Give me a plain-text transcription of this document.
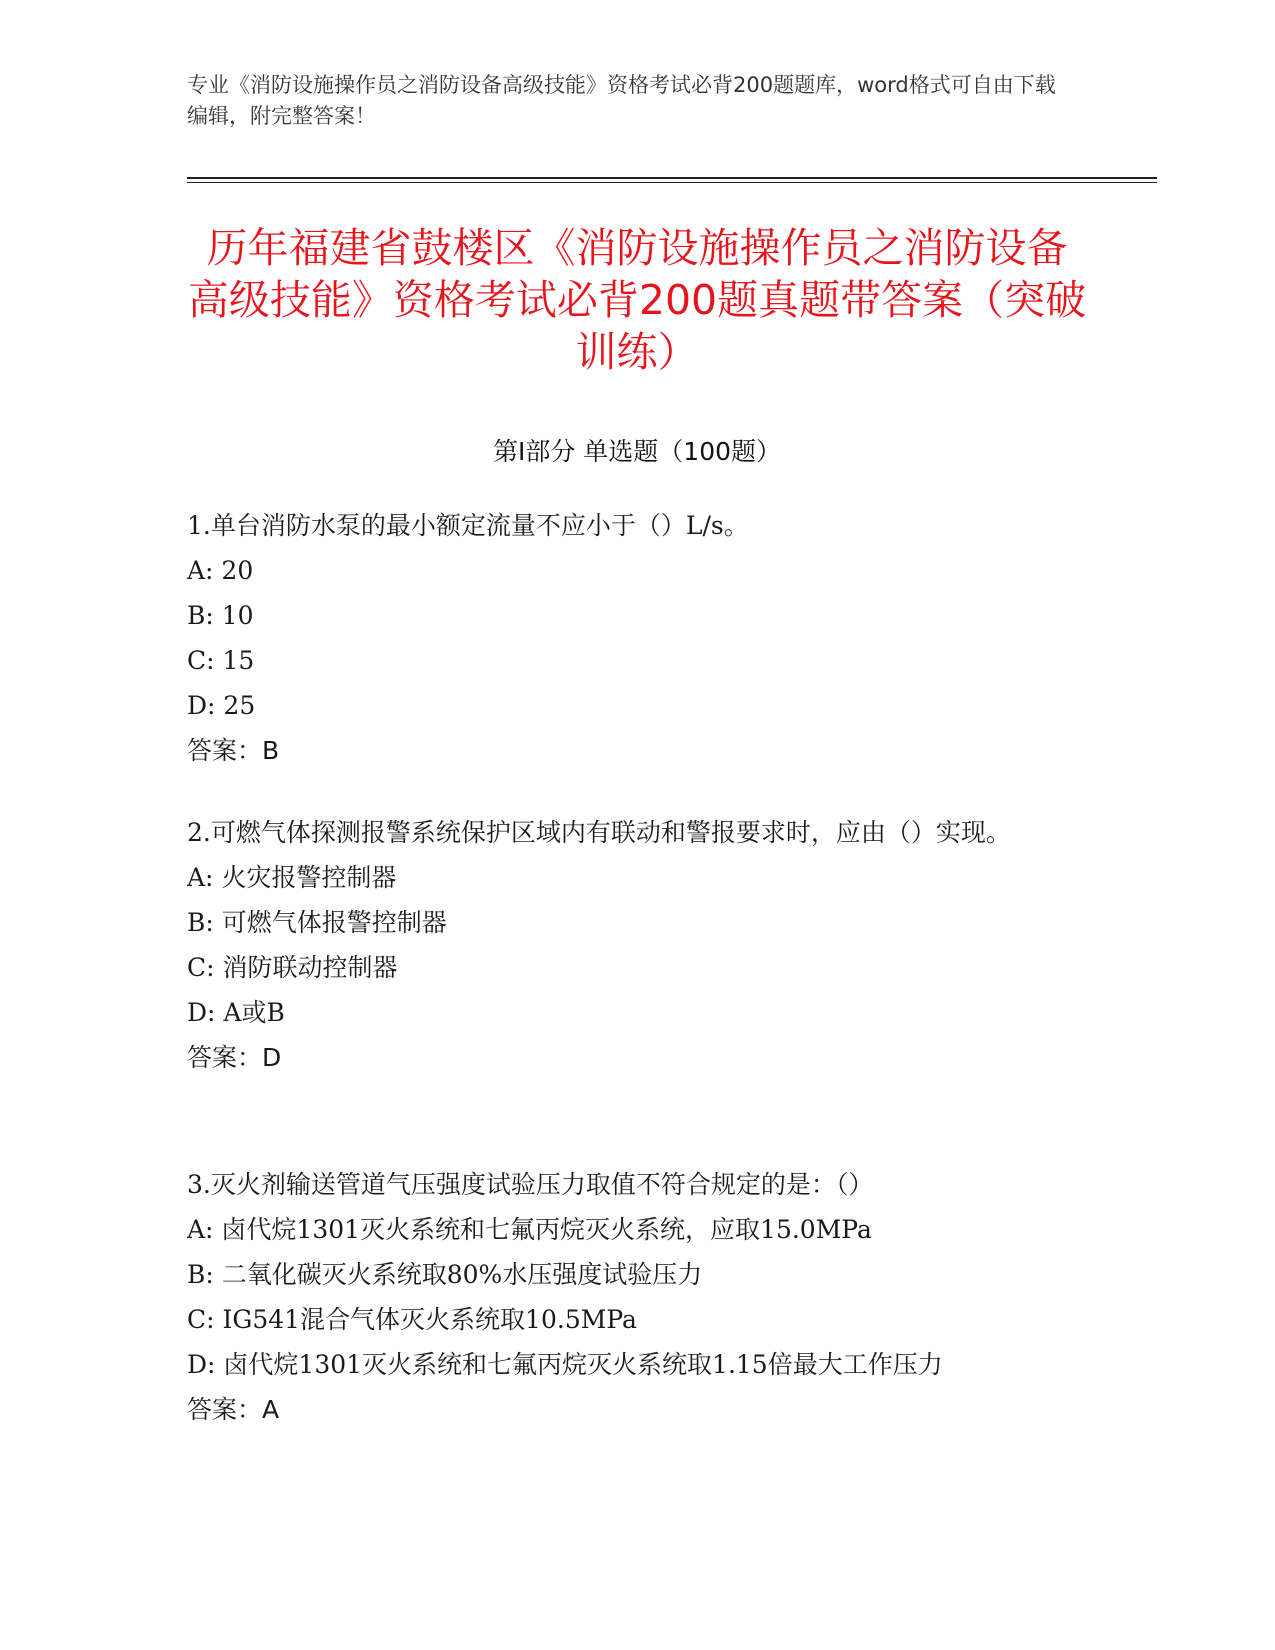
专业《消防设施操作员之消防设备高级技能》资格考试必背200题题库，word格式可自由下载编辑，附完整答案！
历年福建省鼓楼区《消防设施操作员之消防设备高级技能》资格考试必背200题真题带答案（突破训练）
第Ⅰ部分 单选题（100题）

1.单台消防水泵的最小额定流量不应小于（）L/s。

A: 20

B: 10

C: 15

D: 25

答案：B

2.可燃气体探测报警系统保护区域内有联动和警报要求时，应由（）实现。

A: 火灾报警控制器

B: 可燃气体报警控制器

C: 消防联动控制器

D: A或B

答案：D

3.灭火剂输送管道气压强度试验压力取值不符合规定的是：（）

A: 卤代烷1301灭火系统和七氟丙烷灭火系统，应取15.0MPa

B: 二氧化碳灭火系统取80%水压强度试验压力

C: IG541混合气体灭火系统取10.5MPa

D: 卤代烷1301灭火系统和七氟丙烷灭火系统取1.15倍最大工作压力

答案：A
